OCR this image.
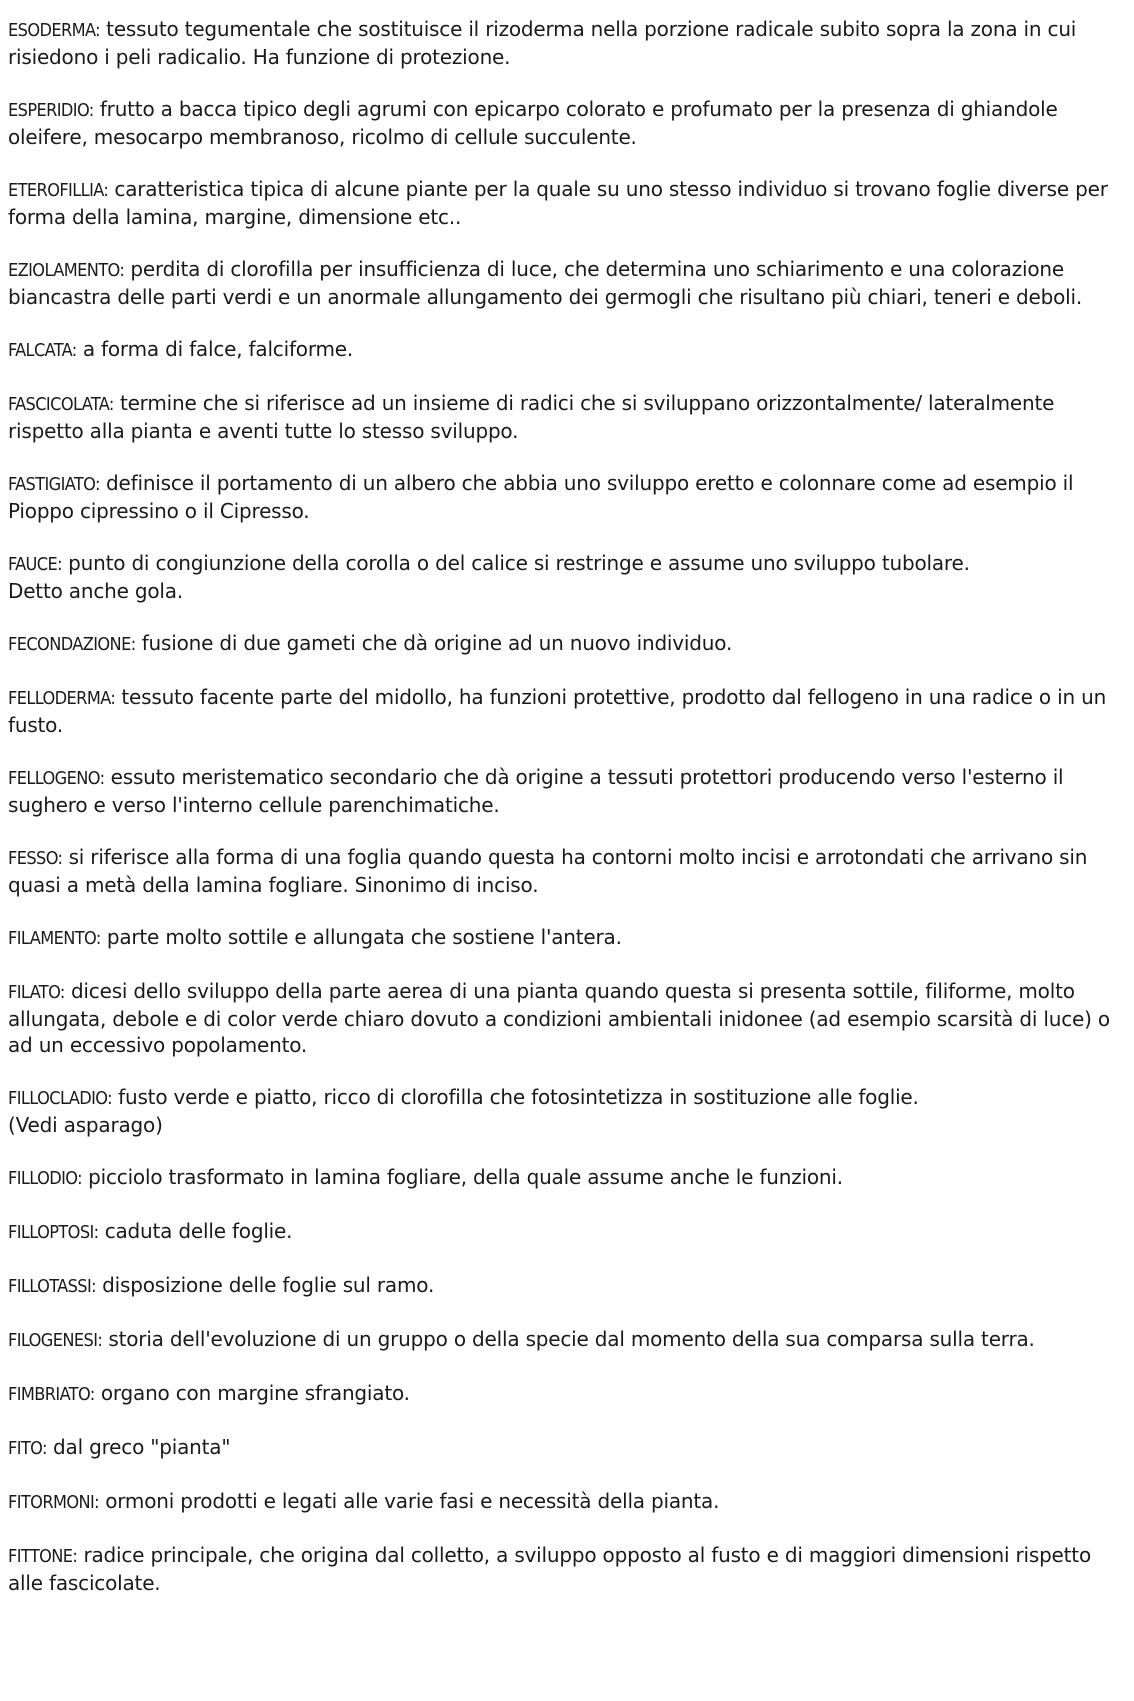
ESODERMA: tessuto tegumentale che sostituisce il rizoderma nella porzione radicale subito sopra la zona in cui risiedono i peli radicalio. Ha funzione di protezione.

ESPERIDIO: frutto a bacca tipico degli agrumi con epicarpo colorato e profumato per la presenza di ghiandole oleifere, mesocarpo membranoso, ricolmo di cellule succulente.

ETEROFILLIA: caratteristica tipica di alcune piante per la quale su uno stesso individuo si trovano foglie diverse per forma della lamina, margine, dimensione etc..

EZIOLAMENTO: perdita di clorofilla per insufficienza di luce, che determina uno schiarimento e una colorazione biancastra delle parti verdi e un anormale allungamento dei germogli che risultano più chiari, teneri e deboli.

FALCATA: a forma di falce, falciforme.

FASCICOLATA: termine che si riferisce ad un insieme di radici che si sviluppano orizzontalmente/ lateralmente rispetto alla pianta e aventi tutte lo stesso sviluppo.

FASTIGIATO: definisce il portamento di un albero che abbia uno sviluppo eretto e colonnare come ad esempio il Pioppo cipressino o il Cipresso.

FAUCE: punto di congiunzione della corolla o del calice si restringe e assume uno sviluppo tubolare.
Detto anche gola.

FECONDAZIONE: fusione di due gameti che dà origine ad un nuovo individuo.

FELLODERMA: tessuto facente parte del midollo, ha funzioni protettive, prodotto dal fellogeno in una radice o in un fusto.

FELLOGENO: essuto meristematico secondario che dà origine a tessuti protettori producendo verso l'esterno il sughero e verso l'interno cellule parenchimatiche.

FESSO: si riferisce alla forma di una foglia quando questa ha contorni molto incisi e arrotondati che arrivano sin quasi a metà della lamina fogliare. Sinonimo di inciso.

FILAMENTO: parte molto sottile e allungata che sostiene l'antera.

FILATO: dicesi dello sviluppo della parte aerea di una pianta quando questa si presenta sottile, filiforme, molto allungata, debole e di color verde chiaro dovuto a condizioni ambientali inidonee (ad esempio scarsità di luce) o ad un eccessivo popolamento.

FILLOCLADIO: fusto verde e piatto, ricco di clorofilla che fotosintetizza in sostituzione alle foglie.
(Vedi asparago)

FILLODIO: picciolo trasformato in lamina fogliare, della quale assume anche le funzioni.

FILLOPTOSI: caduta delle foglie.

FILLOTASSI: disposizione delle foglie sul ramo.

FILOGENESI: storia dell'evoluzione di un gruppo o della specie dal momento della sua comparsa sulla terra.

FIMBRIATO: organo con margine sfrangiato.

FITO: dal greco "pianta"

FITORMONI: ormoni prodotti e legati alle varie fasi e necessità della pianta.

FITTONE: radice principale, che origina dal colletto, a sviluppo opposto al fusto e di maggiori dimensioni rispetto alle fascicolate.
